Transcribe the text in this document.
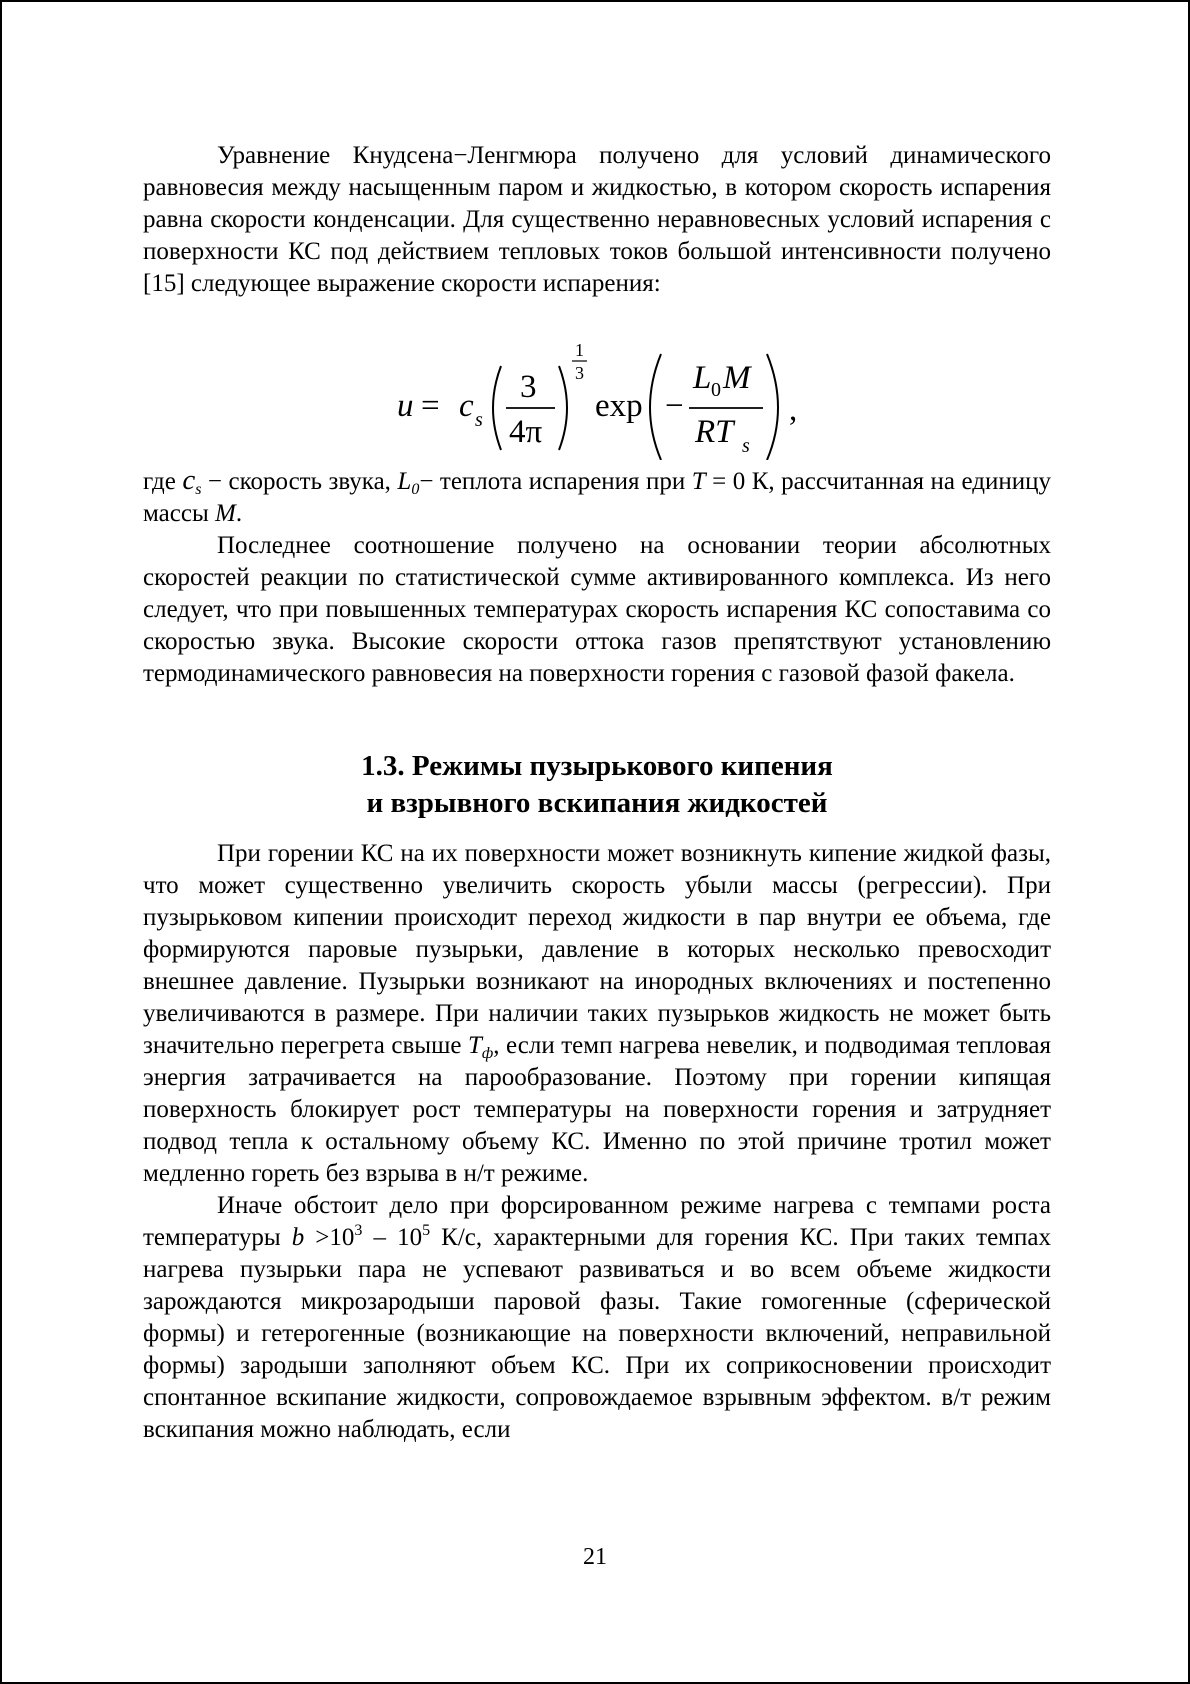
Уравнение Кнудсена−Ленгмюра получено для условий динамического равновесия между насыщенным паром и жидкостью, в котором скорость испарения равна скорости конденсации. Для существенно неравновесных условий испарения с поверхности КС под действием тепловых токов большой интенсивности получено [15] следующее выражение скорости испарения:

u = c s
3
4π
1
3
exp −
L 0 M
RT s
,

где $c_s$ − скорость звука, $L_0-$ теплота испарения при T = 0 К, рассчитанная на единицу массы M.

Последнее соотношение получено на основании теории абсолютных скоростей реакции по статистической сумме активированного комплекса. Из него следует, что при повышенных температурах скорость испарения КС сопоставима со скоростью звука. Высокие скорости оттока газов препятствуют установлению термодинамического равновесия на поверхности горения с газовой фазой факела.

1.3. Режимы пузырькового кипения
и взрывного вскипания жидкостей

При горении КС на их поверхности может возникнуть кипение жидкой фазы, что может существенно увеличить скорость убыли массы (регрессии). При пузырьковом кипении происходит переход жидкости в пар внутри ее объема, где формируются паровые пузырьки, давление в которых несколько превосходит внешнее давление. Пузырьки возникают на инородных включениях и постепенно увеличиваются в размере. При наличии таких пузырьков жидкость не может быть значительно перегрета свыше $T_ф$, если темп нагрева невелик, и подводимая тепловая энергия затрачивается на парообразование. Поэтому при горении кипящая поверхность блокирует рост температуры на поверхности горения и затрудняет подвод тепла к остальному объему КС. Именно по этой причине тротил может медленно гореть без взрыва в н/т режиме.

Иначе обстоит дело при форсированном режиме нагрева с темпами роста температуры $b >10^3 - 10^5$ К/с, характерными для горения КС. При таких темпах нагрева пузырьки пара не успевают развиваться и во всем объеме жидкости зарождаются микрозародыши паровой фазы. Такие гомогенные (сферической формы) и гетерогенные (возникающие на поверхности включений, неправильной формы) зародыши заполняют объем КС. При их соприкосновении происходит спонтанное вскипание жидкости, сопровождаемое взрывным эффектом. в/т режим вскипания можно наблюдать, если

21
